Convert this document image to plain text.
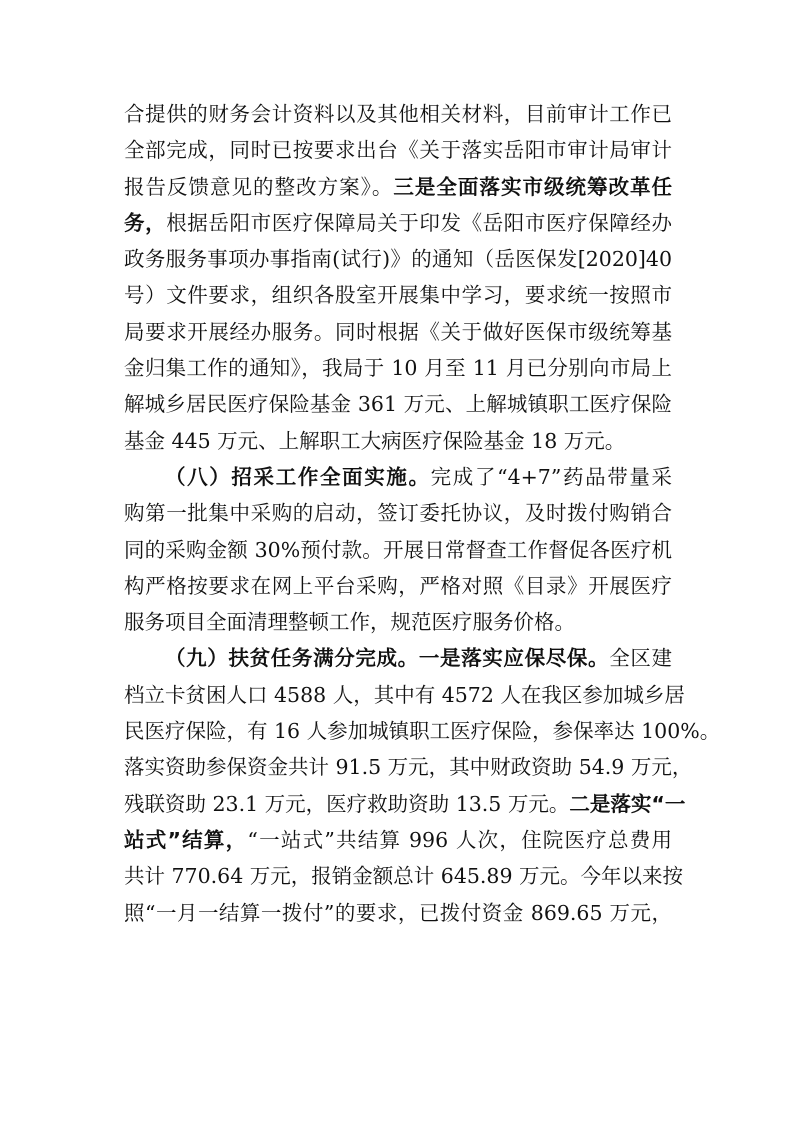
合提供的财务会计资料以及其他相关材料，目前审计工作已
全部完成，同时已按要求出台《关于落实岳阳市审计局审计
报告反馈意见的整改方案》。三是全面落实市级统筹改革任
务，根据岳阳市医疗保障局关于印发《岳阳市医疗保障经办
政务服务事项办事指南(试行)》的通知（岳医保发[2020]40
号）文件要求，组织各股室开展集中学习，要求统一按照市
局要求开展经办服务。同时根据《关于做好医保市级统筹基
金归集工作的通知》，我局于 10 月至 11 月已分别向市局上
解城乡居民医疗保险基金 361 万元、上解城镇职工医疗保险
基金 445 万元、上解职工大病医疗保险基金 18 万元。
（八）招采工作全面实施。完成了“4+7”药品带量采
购第一批集中采购的启动，签订委托协议，及时拨付购销合
同的采购金额 30%预付款。开展日常督查工作督促各医疗机
构严格按要求在网上平台采购，严格对照《目录》开展医疗
服务项目全面清理整顿工作，规范医疗服务价格。
（九）扶贫任务满分完成。一是落实应保尽保。全区建
档立卡贫困人口 4588 人，其中有 4572 人在我区参加城乡居
民医疗保险，有 16 人参加城镇职工医疗保险，参保率达 100%。
落实资助参保资金共计 91.5 万元，其中财政资助 54.9 万元，
残联资助 23.1 万元，医疗救助资助 13.5 万元。二是落实“一
站式”结算，“一站式”共结算 996 人次，住院医疗总费用
共计 770.64 万元，报销金额总计 645.89 万元。今年以来按
照“一月一结算一拨付”的要求，已拨付资金 869.65 万元，
